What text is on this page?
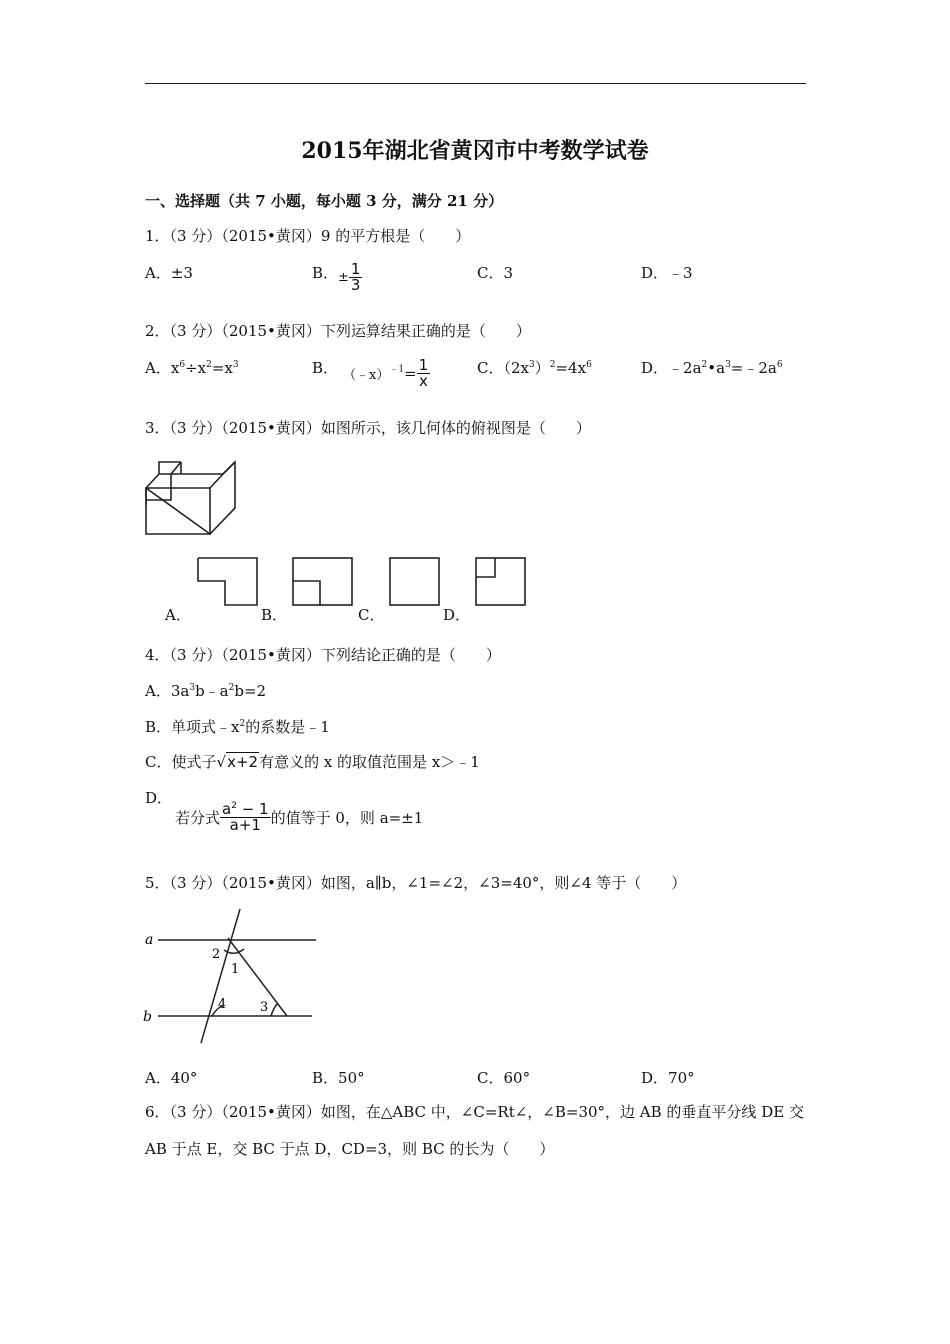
2015年湖北省黄冈市中考数学试卷
一、选择题（共 7 小题，每小题 3 分，满分 21 分）
1．（3 分）（2015•黄冈）9 的平方根是（　　）
A．±3	B． ± $\frac{1}{3}$	C．3	D．﹣3
2．（3 分）（2015•黄冈）下列运算结果正确的是（　　）
A．$x^6\div x^2=x^3$	B． （﹣x）$^{﹣1}$= $\frac{1}{x}$	C．$(2x^3)^2=4x^6$	D．$﹣2a^2•a^3=﹣2a^6$
3．（3 分）（2015•黄冈）如图所示，该几何体的俯视图是（　　）
A．	B．	C．	D．
4．（3 分）（2015•黄冈）下列结论正确的是（　　）
A．$3a^3b﹣a^2b=2$
B．单项式$﹣x^2$的系数是﹣1
C．使式子√x+2有意义的 x 的取值范围是 x＞﹣1
D．
若分式 $\frac{a^2 - 1}{a+1}$ 的值等于 0，则 a=±1
5．（3 分）（2015•黄冈）如图，a∥b，∠1=∠2，∠3=40°，则∠4 等于（　　）
a
b
2
1
3
4
A．40°	B．50°	C．60°	D．70°
6．（3 分）（2015•黄冈）如图，在△ABC 中，∠C=Rt∠，∠B=30°，边 AB 的垂直平分线 DE 交
AB 于点 E，交 BC 于点 D，CD=3，则 BC 的长为（　　）
